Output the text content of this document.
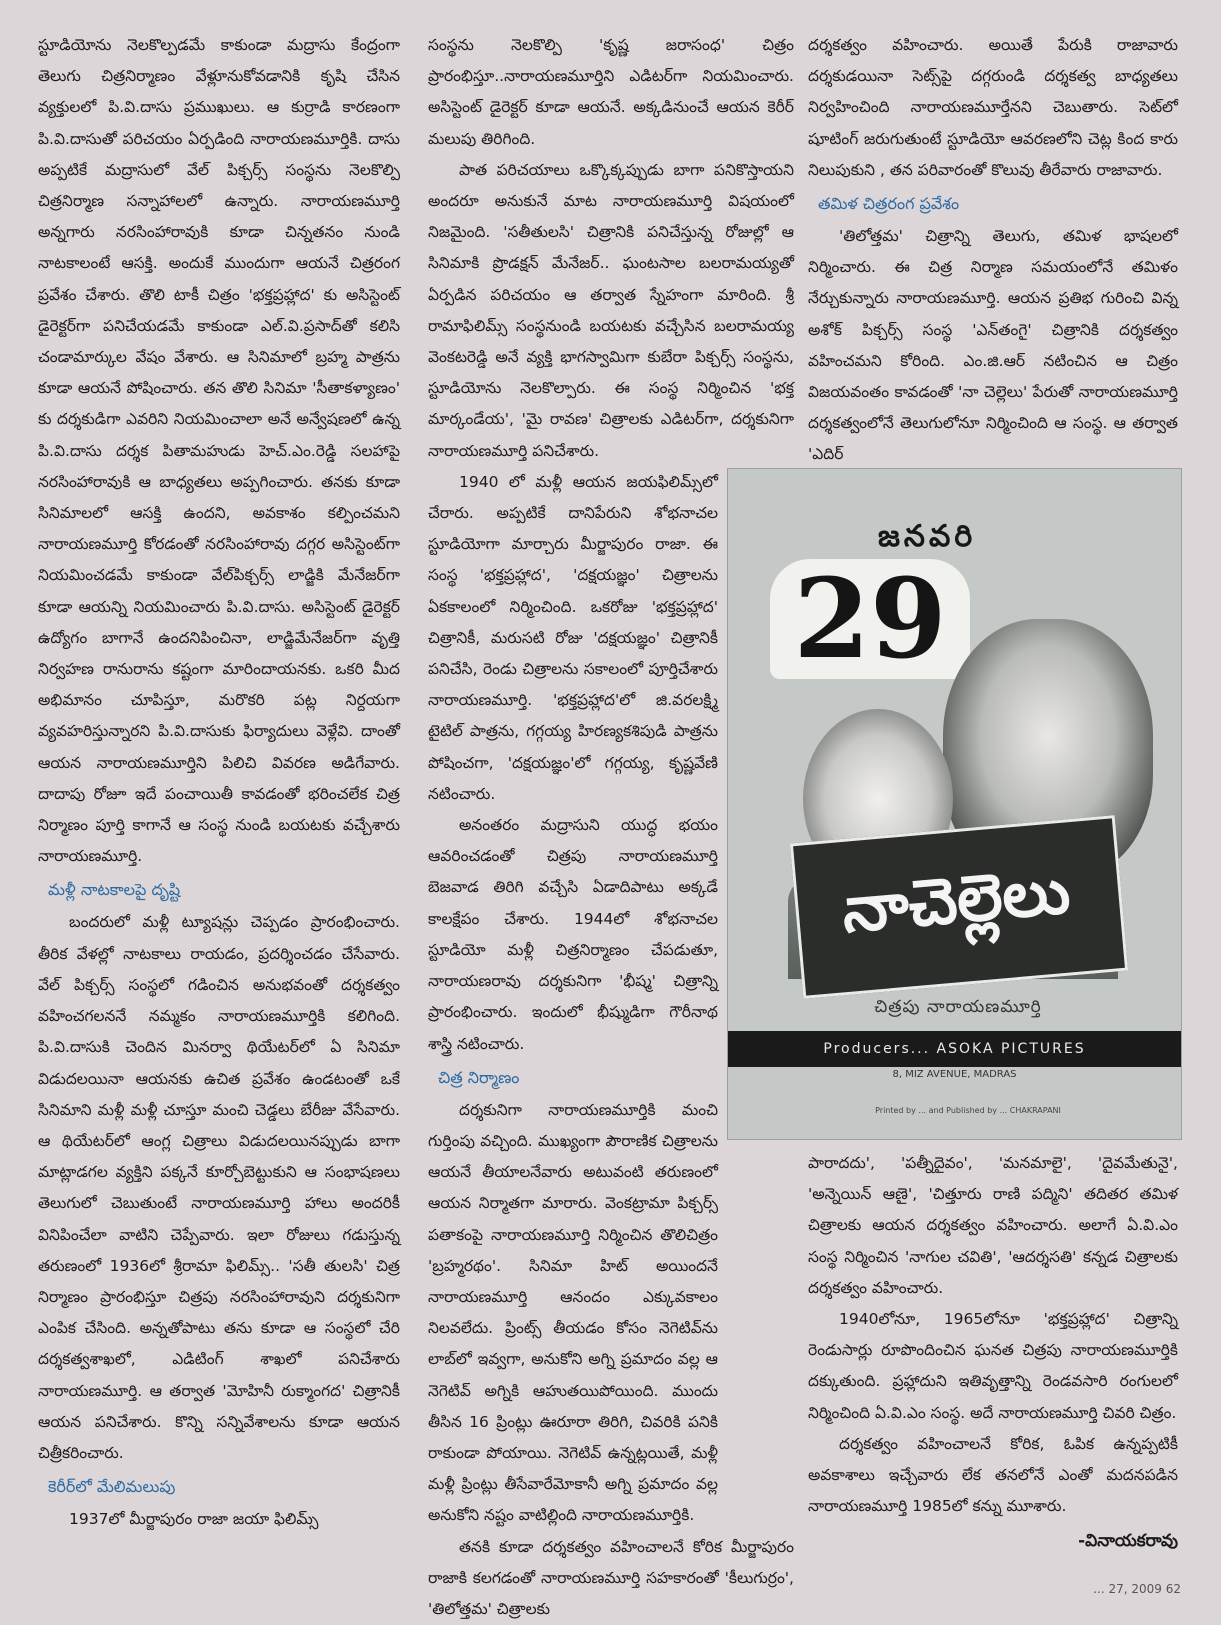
స్టూడియోను నెలకొల్పడమే కాకుండా మద్రాసు కేంద్రంగా తెలుగు చిత్రనిర్మాణం వేళ్లూనుకోవడానికి కృషి చేసిన వ్యక్తులలో పి.వి.దాసు ప్రముఖులు. ఆ కుర్రాడి కారణంగా పి.వి.దాసుతో పరిచయం ఏర్పడింది నారాయణమూర్తికి. దాసు అప్పటికే మద్రాసులో వేల్ పిక్చర్స్ సంస్థను నెలకొల్పి చిత్రనిర్మాణ సన్నాహాలలో ఉన్నారు. నారాయణమూర్తి అన్నగారు నరసింహారావుకి కూడా చిన్నతనం నుండి నాటకాలంటే ఆసక్తి. అందుకే ముందుగా ఆయనే చిత్రరంగ ప్రవేశం చేశారు. తొలి టాకీ చిత్రం 'భక్తప్రహ్లాద' కు అసిస్టెంట్ డైరెక్టర్‌గా పనిచేయడమే కాకుండా ఎల్.వి.ప్రసాద్‌తో కలిసి చండామార్కుల వేషం వేశారు. ఆ సినిమాలో బ్రహ్మ పాత్రను కూడా ఆయనే పోషించారు. తన తొలి సినిమా 'సీతాకళ్యాణం' కు దర్శకుడిగా ఎవరిని నియమించాలా అనే అన్వేషణలో ఉన్న పి.వి.దాసు దర్శక పితామహుడు హెచ్.ఎం.రెడ్డి సలహాపై నరసింహారావుకి ఆ బాధ్యతలు అప్పగించారు. తనకు కూడా సినిమాలలో ఆసక్తి ఉందని, అవకాశం కల్పించమని నారాయణమూర్తి కోరడంతో నరసింహారావు దగ్గర అసిస్టెంట్‌గా నియమించడమే కాకుండా వేల్‌పిక్చర్స్ లాడ్జికి మేనేజర్‌గా కూడా ఆయన్ని నియమించారు పి.వి.దాసు. అసిస్టెంట్ డైరెక్టర్ ఉద్యోగం బాగానే ఉందనిపించినా, లాడ్జిమేనేజర్‌గా వృత్తి నిర్వహణ రానురాను కష్టంగా మారిందాయనకు. ఒకరి మీద అభిమానం చూపిస్తూ, మరొకరి పట్ల నిర్దయగా వ్యవహరిస్తున్నారని పి.వి.దాసుకు ఫిర్యాదులు వెళ్లేవి. దాంతో ఆయన నారాయణమూర్తిని పిలిచి వివరణ అడిగేవారు. దాదాపు రోజూ ఇదే పంచాయితీ కావడంతో భరించలేక చిత్ర నిర్మాణం పూర్తి కాగానే ఆ సంస్థ నుండి బయటకు వచ్చేశారు నారాయణమూర్తి.

మళ్లీ నాటకాలపై దృష్టి

బందరులో మళ్లీ ట్యూషన్లు చెప్పడం ప్రారంభించారు. తీరిక వేళల్లో నాటకాలు రాయడం, ప్రదర్శించడం చేసేవారు. వేల్ పిక్చర్స్ సంస్థలో గడించిన అనుభవంతో దర్శకత్వం వహించగలననే నమ్మకం నారాయణమూర్తికి కలిగింది. పి.వి.దాసుకి చెందిన మినర్వా థియేటర్‌లో ఏ సినిమా విడుదలయినా ఆయనకు ఉచిత ప్రవేశం ఉండటంతో ఒకే సినిమాని మళ్లీ మళ్లీ చూస్తూ మంచి చెడ్డలు బేరీజు వేసేవారు. ఆ థియేటర్‌లో ఆంగ్ల చిత్రాలు విడుదలయినప్పుడు బాగా మాట్లాడగల వ్యక్తిని పక్కనే కూర్చోబెట్టుకుని ఆ సంభాషణలు తెలుగులో చెబుతుంటే నారాయణమూర్తి హాలు అందరికీ వినిపించేలా వాటిని చెప్పేవారు. ఇలా రోజులు గడుస్తున్న తరుణంలో 1936లో శ్రీరామా ఫిలిమ్స్.. 'సతీ తులసి' చిత్ర నిర్మాణం ప్రారంభిస్తూ చిత్రపు నరసింహారావుని దర్శకునిగా ఎంపిక చేసింది. అన్నతోపాటు తను కూడా ఆ సంస్థలో చేరి దర్శకత్వశాఖలో, ఎడిటింగ్ శాఖలో పనిచేశారు నారాయణమూర్తి. ఆ తర్వాత 'మోహినీ రుక్మాంగద' చిత్రానికీ ఆయన పనిచేశారు. కొన్ని సన్నివేశాలను కూడా ఆయన చిత్రీకరించారు.

కెరీర్‌లో మేలిమలుపు

1937లో మీర్జాపురం రాజా జయా ఫిలిమ్స్

సంస్థను నెలకొల్పి 'కృష్ణ జరాసంధ' చిత్రం ప్రారంభిస్తూ..నారాయణమూర్తిని ఎడిటర్‌గా నియమించారు. అసిస్టెంట్ డైరెక్టర్ కూడా ఆయనే. అక్కడినుంచే ఆయన కెరీర్ మలుపు తిరిగింది.

పాత పరిచయాలు ఒక్కొక్కప్పుడు బాగా పనికొస్తాయని అందరూ అనుకునే మాట నారాయణమూర్తి విషయంలో నిజమైంది. 'సతీతులసి' చిత్రానికి పనిచేస్తున్న రోజుల్లో ఆ సినిమాకి ప్రొడక్షన్ మేనేజర్.. ఘంటసాల బలరామయ్యతో ఏర్పడిన పరిచయం ఆ తర్వాత స్నేహంగా మారింది. శ్రీ రామాఫిలిమ్స్ సంస్థనుండి బయటకు వచ్చేసిన బలరామయ్య వెంకటరెడ్డి అనే వ్యక్తి భాగస్వామిగా కుబేరా పిక్చర్స్ సంస్థను, స్టూడియోను నెలకొల్పారు. ఈ సంస్థ నిర్మించిన 'భక్త మార్కండేయ', 'మై రావణ' చిత్రాలకు ఎడిటర్‌గా, దర్శకునిగా నారాయణమూర్తి పనిచేశారు.

1940 లో మళ్లీ ఆయన జయఫిలిమ్స్‌లో చేరారు. అప్పటికే దానిపేరుని శోభనాచల స్టూడియోగా మార్చారు మీర్జాపురం రాజా. ఈ సంస్థ 'భక్తప్రహ్లాద', 'దక్షయజ్ఞం' చిత్రాలను ఏకకాలంలో నిర్మించింది. ఒకరోజు 'భక్తప్రహ్లాద' చిత్రానికీ, మరుసటి రోజు 'దక్షయజ్ఞం' చిత్రానికీ పనిచేసి, రెండు చిత్రాలను సకాలంలో పూర్తిచేశారు నారాయణమూర్తి. 'భక్తప్రహ్లాద'లో జి.వరలక్ష్మి టైటిల్ పాత్రను, గగ్గయ్య హిరణ్యకశిపుడి పాత్రను పోషించగా, 'దక్షయజ్ఞం'లో గగ్గయ్య, కృష్ణవేణి నటించారు.

అనంతరం మద్రాసుని యుద్ధ భయం ఆవరించడంతో చిత్రపు నారాయణమూర్తి బెజవాడ తిరిగి వచ్చేసి ఏడాదిపాటు అక్కడే కాలక్షేపం చేశారు. 1944లో శోభనాచల స్టూడియో మళ్లీ చిత్రనిర్మాణం చేపడుతూ, నారాయణరావు దర్శకునిగా 'భీష్మ' చిత్రాన్ని ప్రారంభించారు. ఇందులో భీష్ముడిగా గౌరీనాథ శాస్త్రి నటించారు.

చిత్ర నిర్మాణం

దర్శకునిగా నారాయణమూర్తికి మంచి గుర్తింపు వచ్చింది. ముఖ్యంగా పౌరాణిక చిత్రాలను ఆయనే తీయాలనేవారు అటువంటి తరుణంలో ఆయన నిర్మాతగా మారారు. వెంకట్రామా పిక్చర్స్ పతాకంపై నారాయణమూర్తి నిర్మించిన తొలిచిత్రం 'బ్రహ్మరథం'. సినిమా హిట్ అయిందనే నారాయణమూర్తి ఆనందం ఎక్కువకాలం నిలవలేదు. ప్రింట్స్ తీయడం కోసం నెగెటివ్‌ను లాబ్‌లో ఇవ్వగా, అనుకోని అగ్ని ప్రమాదం వల్ల ఆ నెగెటివ్ అగ్నికి ఆహుతయిపోయింది. ముందు తీసిన 16 ప్రింట్లు ఊరూరా తిరిగి, చివరికి పనికి రాకుండా పోయాయి. నెగెటివ్ ఉన్నట్లయితే, మళ్లీ మళ్లీ ప్రింట్లు తీసేవారేమోకానీ అగ్ని ప్రమాదం వల్ల అనుకోని నష్టం వాటిల్లింది నారాయణమూర్తికి.

తనకి కూడా దర్శకత్వం వహించాలనే కోరిక మీర్జాపురం రాజాకి కలగడంతో నారాయణమూర్తి సహకారంతో 'కీలుగుర్రం', 'తిలోత్తమ' చిత్రాలకు

దర్శకత్వం వహించారు. అయితే పేరుకి రాజావారు దర్శకుడయినా సెట్స్‌పై దగ్గరుండి దర్శకత్వ బాధ్యతలు నిర్వహించింది నారాయణమూర్తేనని చెబుతారు. సెట్‌లో షూటింగ్ జరుగుతుంటే స్టూడియో ఆవరణలోని చెట్ల కింద కారు నిలుపుకుని , తన పరివారంతో కొలువు తీరేవారు రాజావారు.

తమిళ చిత్రరంగ ప్రవేశం

'తిలోత్తమ' చిత్రాన్ని తెలుగు, తమిళ భాషలలో నిర్మించారు. ఈ చిత్ర నిర్మాణ సమయంలోనే తమిళం నేర్చుకున్నారు నారాయణమూర్తి. ఆయన ప్రతిభ గురించి విన్న అశోక్ పిక్చర్స్ సంస్థ 'ఎన్‌తంగై' చిత్రానికి దర్శకత్వం వహించమని కోరింది. ఎం.జి.ఆర్ నటించిన ఆ చిత్రం విజయవంతం కావడంతో 'నా చెల్లెలు' పేరుతో నారాయణమూర్తి దర్శకత్వంలోనే తెలుగులోనూ నిర్మించింది ఆ సంస్థ. ఆ తర్వాత 'ఎదిర్

జనవరి
29
నాచెల్లెలు
చిత్రపు నారాయణమూర్తి
Producers... ASOKA PICTURES
8, MIZ AVENUE, MADRAS
Printed by ... and Published by ... CHAKRAPANI

పారాదదు', 'పత్నీదైవం', 'మనమాలై', 'దైవమేతునై', 'అన్నెయిన్ ఆణై', 'చిత్తూరు రాణి పద్మిని' తదితర తమిళ చిత్రాలకు ఆయన దర్శకత్వం వహించారు. అలాగే ఏ.వి.ఎం సంస్థ నిర్మించిన 'నాగుల చవితి', 'ఆదర్శసతి' కన్నడ చిత్రాలకు దర్శకత్వం వహించారు.

1940లోనూ, 1965లోనూ 'భక్తప్రహ్లాద' చిత్రాన్ని రెండుసార్లు రూపొందించిన ఘనత చిత్రపు నారాయణమూర్తికి దక్కుతుంది. ప్రహ్లాదుని ఇతివృత్తాన్ని రెండవసారి రంగులలో నిర్మించింది ఏ.వి.ఎం సంస్థ. అదే నారాయణమూర్తి చివరి చిత్రం.

దర్శకత్వం వహించాలనే కోరిక, ఓపిక ఉన్నప్పటికీ అవకాశాలు ఇచ్చేవారు లేక తనలోనే ఎంతో మదనపడిన నారాయణమూర్తి 1985లో కన్ను మూశారు.

-వినాయకరావు
... 27, 2009 62
